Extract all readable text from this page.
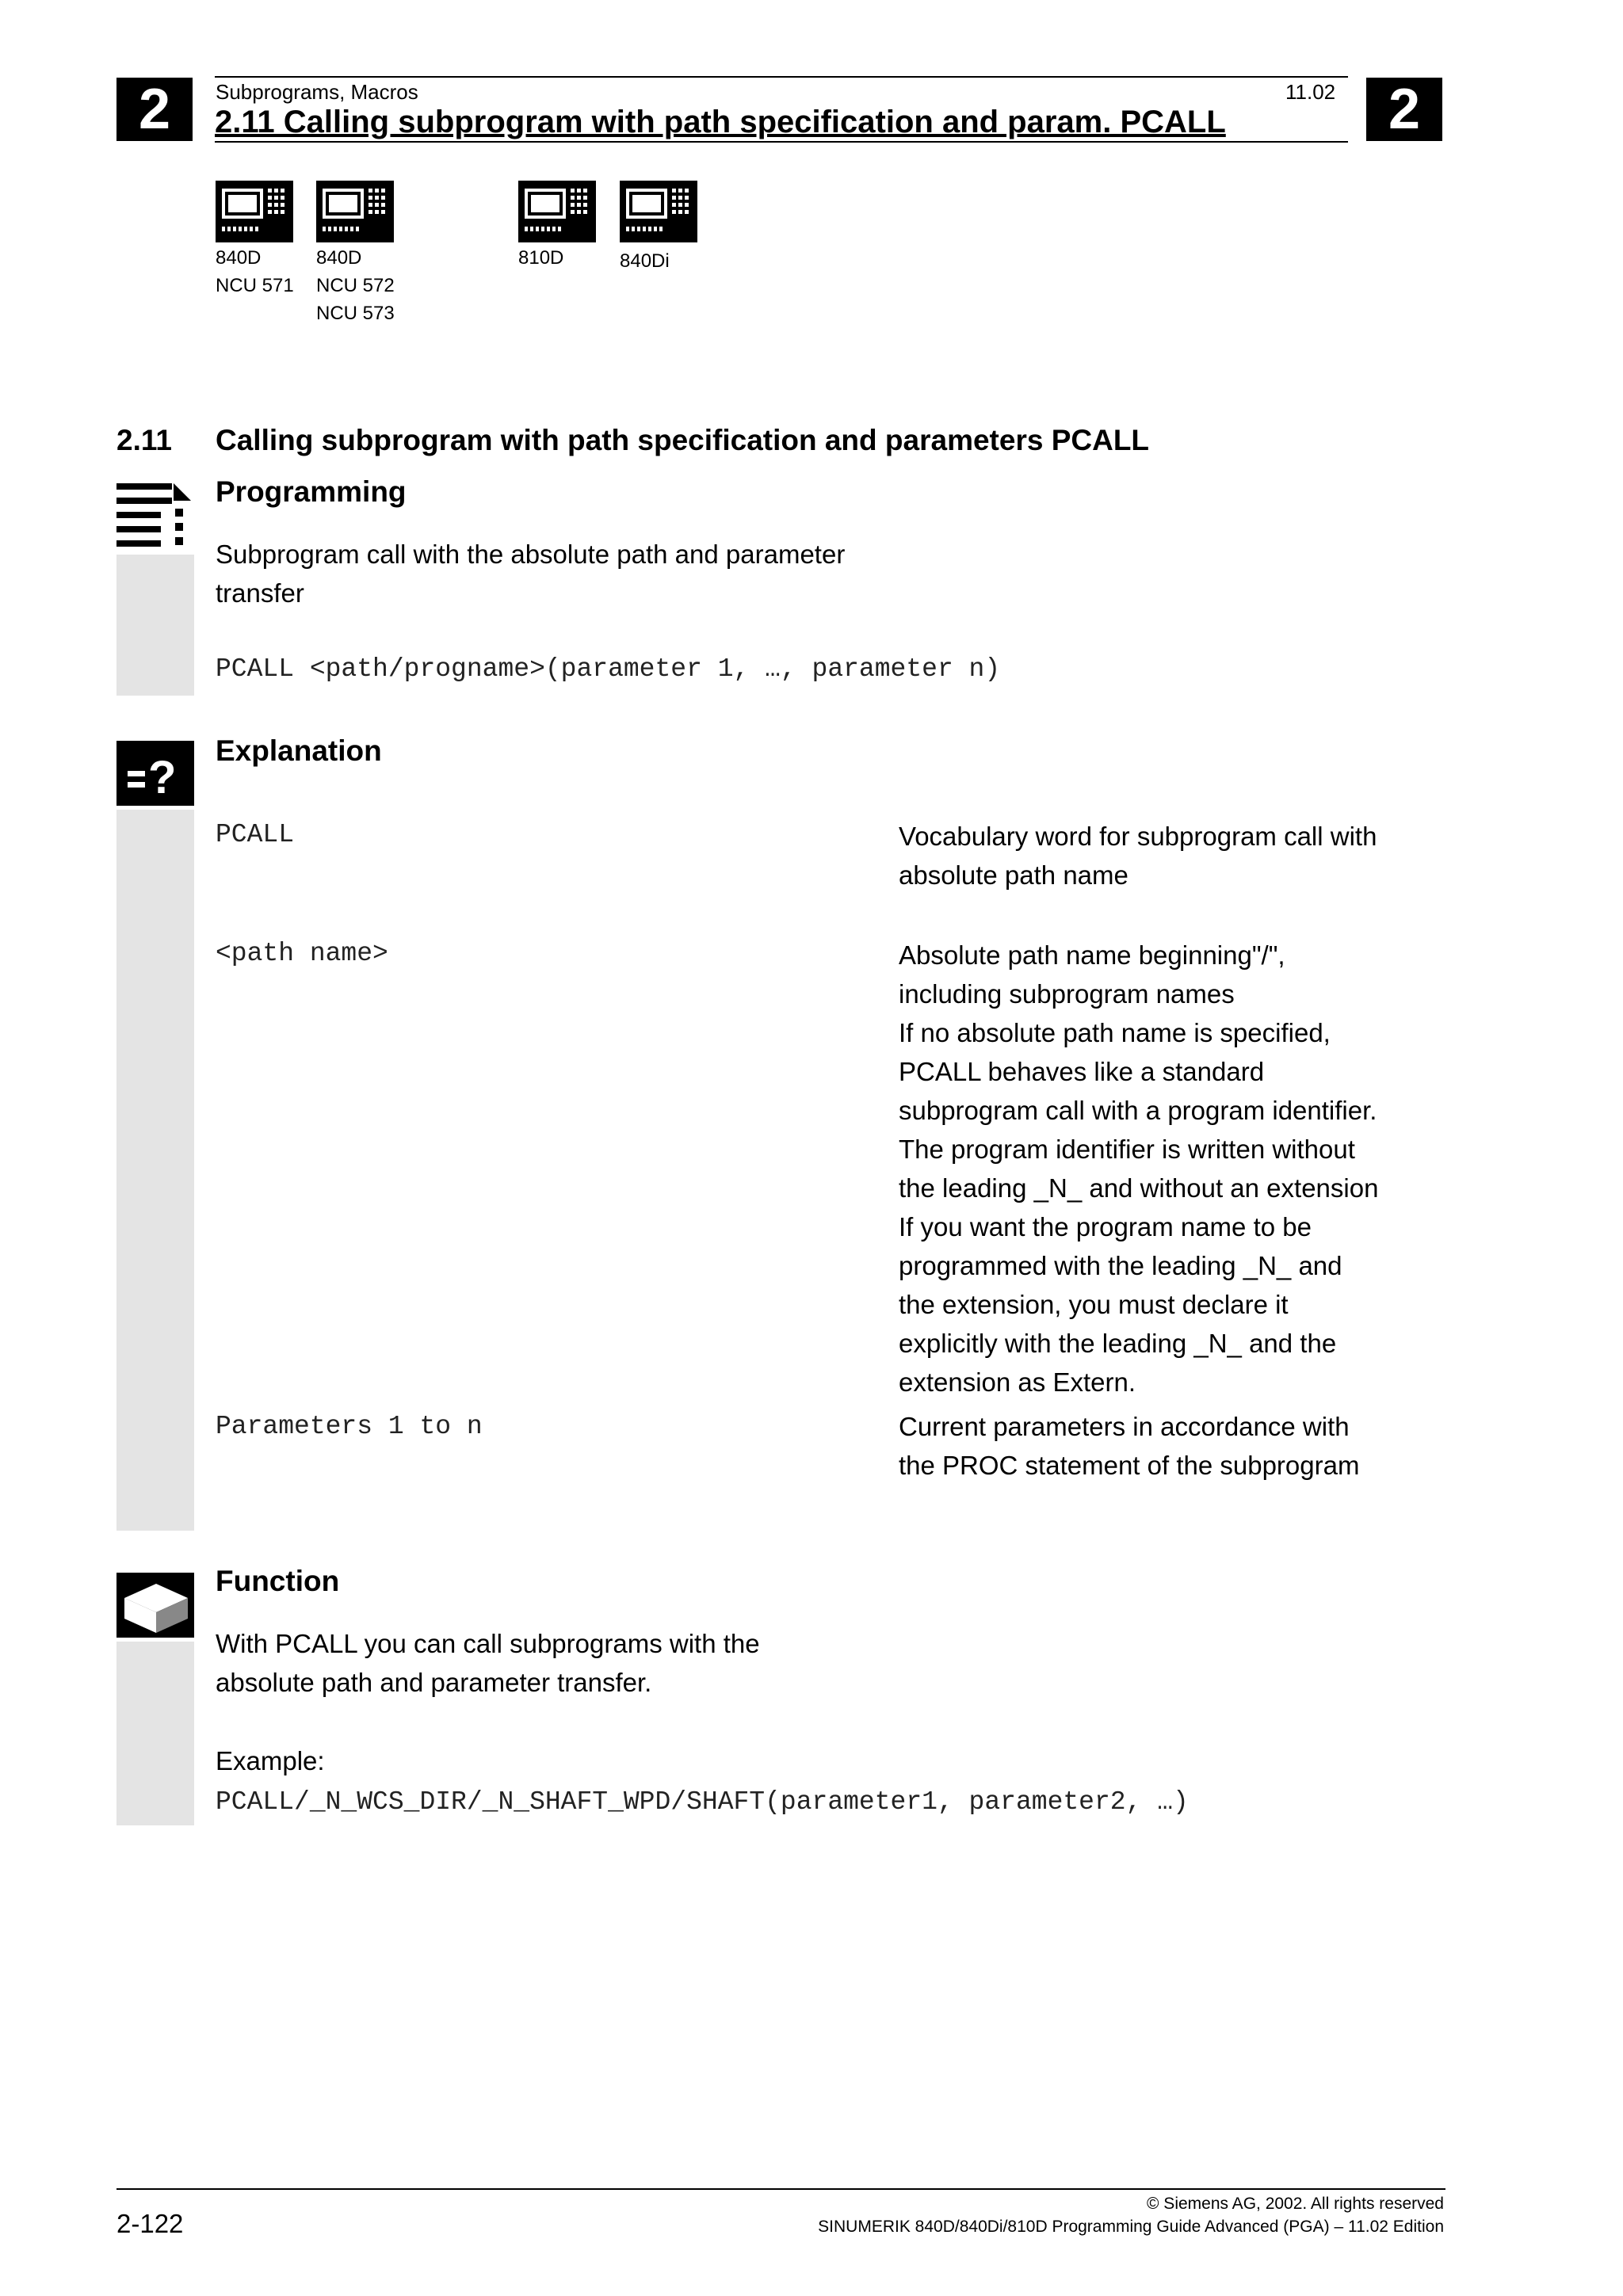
2	2
Subprograms, Macros	11.02
2.11 Calling subprogram with path specification and param. PCALL
840D
NCU 571
840D
NCU 572
NCU 573
810D	840Di
2.11 Calling subprogram with path specification and parameters PCALL
Programming
Subprogram call with the absolute path and parameter
transfer
PCALL <path/progname>(parameter 1, …, parameter n)
?
Explanation
PCALL	Vocabulary word for subprogram call with
absolute path name
<path name>	Absolute path name beginning"/",
including subprogram names
If no absolute path name is specified,
PCALL behaves like a standard
subprogram call with a program identifier.
The program identifier is written without
the leading _N_ and without an extension
If you want the program name to be
programmed with the leading _N_ and
the extension, you must declare it
explicitly with the leading _N_ and the
extension as Extern.
Parameters 1 to n	Current parameters in accordance with
the PROC statement of the subprogram
Function
With PCALL you can call subprograms with the
absolute path and parameter transfer.
Example:
PCALL/_N_WCS_DIR/_N_SHAFT_WPD/SHAFT(parameter1, parameter2, …)
2-122
© Siemens AG, 2002. All rights reserved
SINUMERIK 840D/840Di/810D Programming Guide Advanced (PGA) – 11.02 Edition
